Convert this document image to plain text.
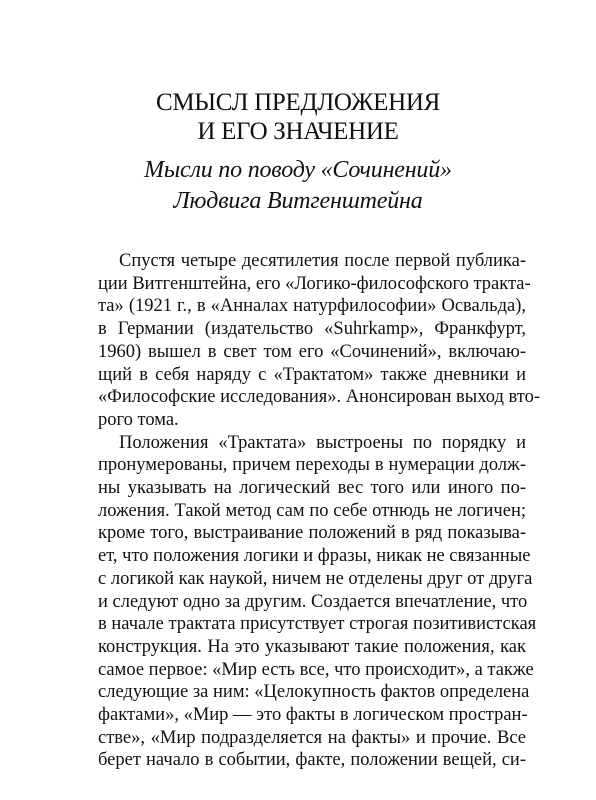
СМЫСЛ ПРЕДЛОЖЕНИЯ
И ЕГО ЗНАЧЕНИЕ
Мысли по поводу «Сочинений»
Людвига Витгенштейна
Спустя четыре десятилетия после первой публика-
ции Витгенштейна, его «Логико-философского тракта-
та» (1921 г., в «Анналах натурфилософии» Освальда),
в Германии (издательство «Suhrkamp», Франкфурт,
1960) вышел в свет том его «Сочинений», включаю-
щий в себя наряду с «Трактатом» также дневники и
«Философские исследования». Анонсирован выход вто-
рого тома.
Положения «Трактата» выстроены по порядку и
пронумерованы, причем переходы в нумерации долж-
ны указывать на логический вес того или иного по-
ложения. Такой метод сам по себе отнюдь не логичен;
кроме того, выстраивание положений в ряд показыва-
ет, что положения логики и фразы, никак не связанные
с логикой как наукой, ничем не отделены друг от друга
и следуют одно за другим. Создается впечатление, что
в начале трактата присутствует строгая позитивистская
конструкция. На это указывают такие положения, как
самое первое: «Мир есть все, что происходит», а также
следующие за ним: «Целокупность фактов определена
фактами», «Мир — это факты в логическом простран-
стве», «Мир подразделяется на факты» и прочие. Все
берет начало в событии, факте, положении вещей, си-
